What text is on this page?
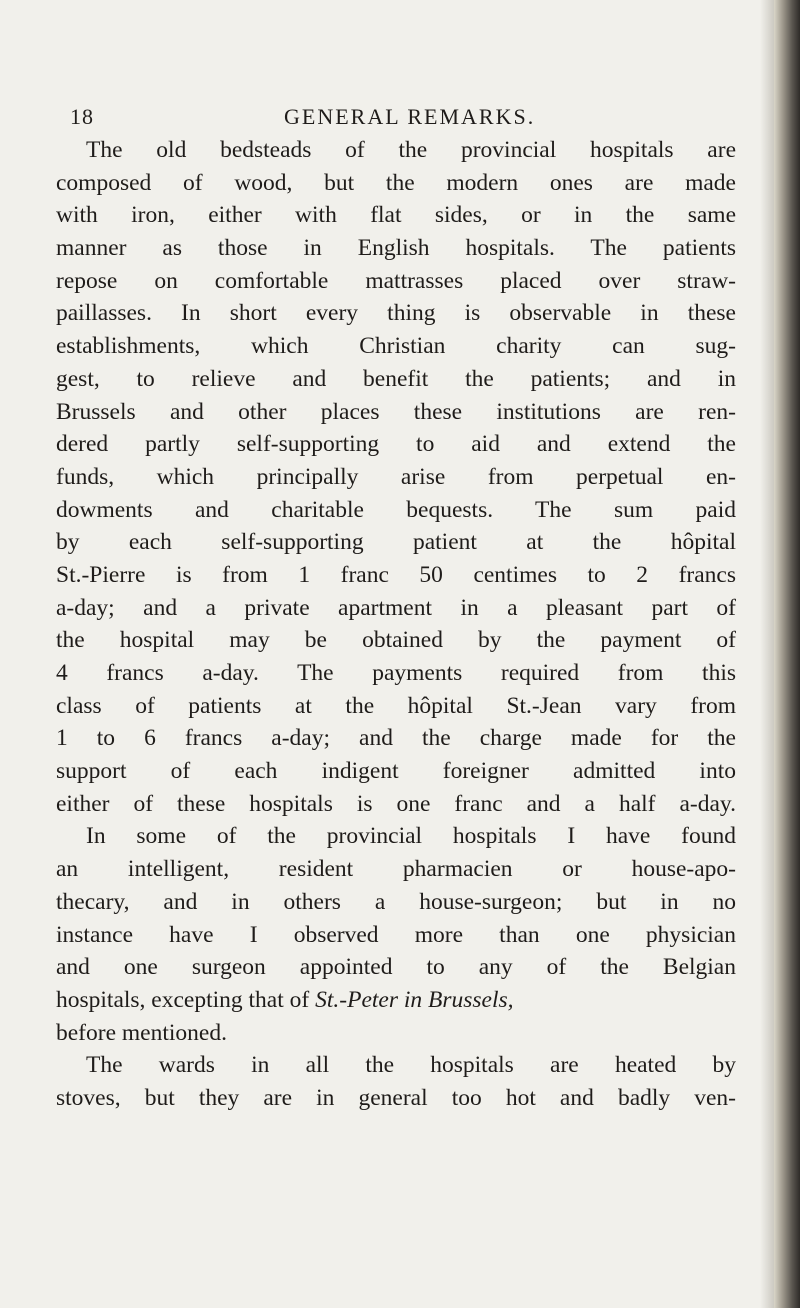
18	GENERAL REMARKS.
The old bedsteads of the provincial hospitals are
composed of wood, but the modern ones are made
with iron, either with flat sides, or in the same
manner as those in English hospitals. The patients
repose on comfortable mattrasses placed over straw-
paillasses. In short every thing is observable in these
establishments, which Christian charity can sug-
gest, to relieve and benefit the patients; and in
Brussels and other places these institutions are ren-
dered partly self-supporting to aid and extend the
funds, which principally arise from perpetual en-
dowments and charitable bequests. The sum paid
by each self-supporting patient at the hôpital
St.-Pierre is from 1 franc 50 centimes to 2 francs
a-day; and a private apartment in a pleasant part of
the hospital may be obtained by the payment of
4 francs a-day. The payments required from this
class of patients at the hôpital St.-Jean vary from
1 to 6 francs a-day; and the charge made for the
support of each indigent foreigner admitted into
either of these hospitals is one franc and a half a-day.
In some of the provincial hospitals I have found
an intelligent, resident pharmacien or house-apo-
thecary, and in others a house-surgeon; but in no
instance have I observed more than one physician
and one surgeon appointed to any of the Belgian
hospitals, excepting that of St.-Peter in Brussels,
before mentioned.
The wards in all the hospitals are heated by
stoves, but they are in general too hot and badly ven-
